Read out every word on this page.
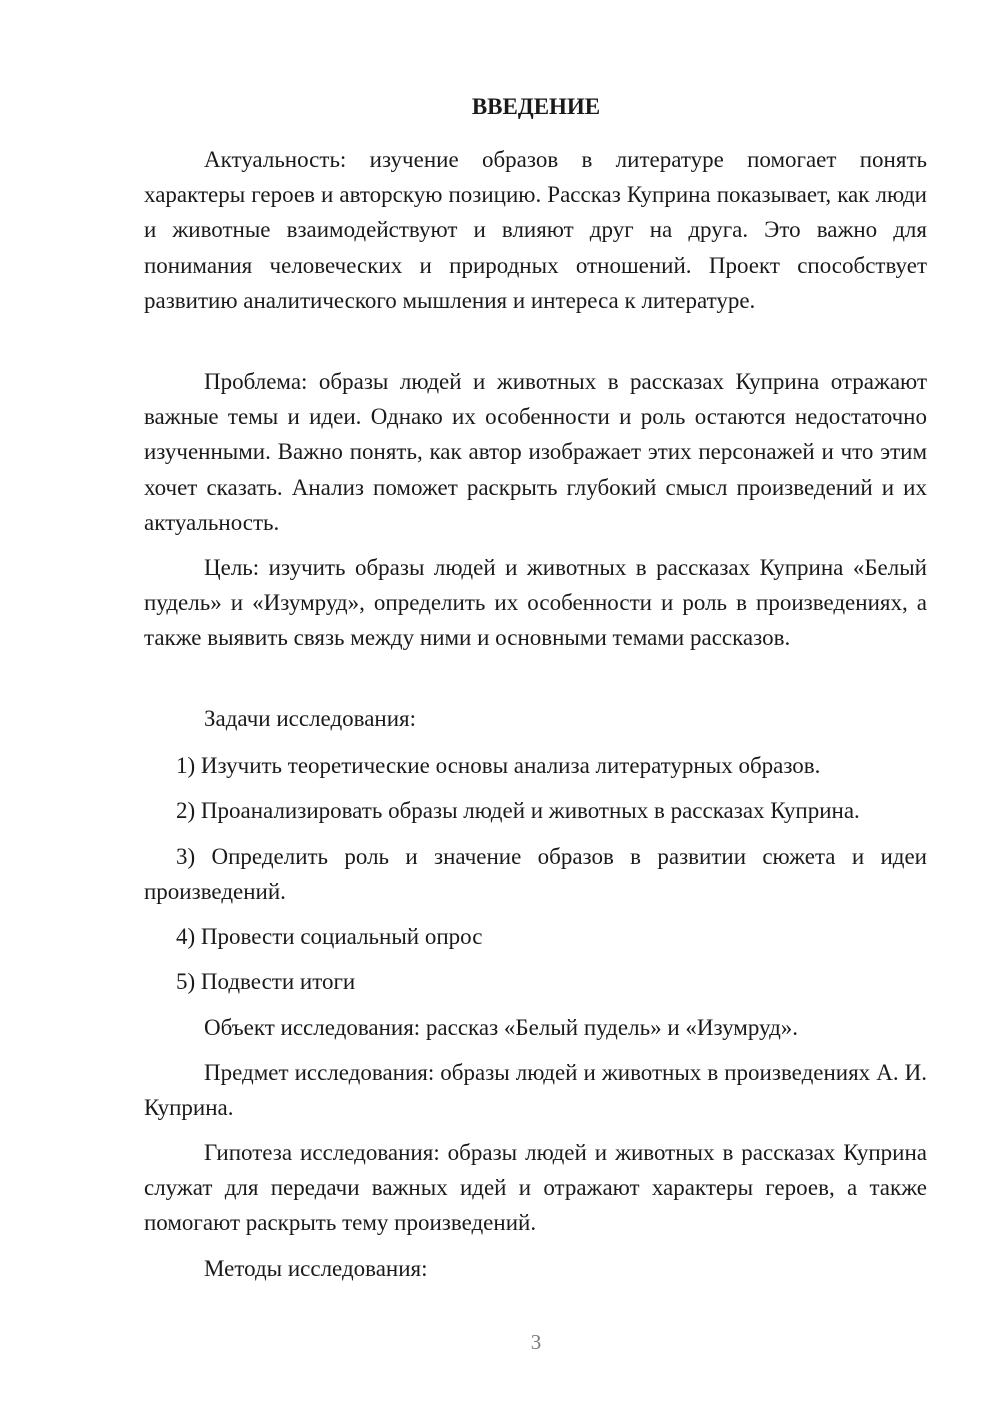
ВВЕДЕНИЕ
Актуальность: изучение образов в литературе помогает понять характеры героев и авторскую позицию. Рассказ Куприна показывает, как люди и животные взаимодействуют и влияют друг на друга. Это важно для понимания человеческих и природных отношений. Проект способствует развитию аналитического мышления и интереса к литературе.
Проблема: образы людей и животных в рассказах Куприна отражают важные темы и идеи. Однако их особенности и роль остаются недостаточно изученными. Важно понять, как автор изображает этих персонажей и что этим хочет сказать. Анализ поможет раскрыть глубокий смысл произведений и их актуальность.
Цель: изучить образы людей и животных в рассказах Куприна «Белый пудель» и «Изумруд», определить их особенности и роль в произведениях, а также выявить связь между ними и основными темами рассказов.
Задачи исследования:
1) Изучить теоретические основы анализа литературных образов.
2) Проанализировать образы людей и животных в рассказах Куприна.
3) Определить роль и значение образов в развитии сюжета и идеи произведений.
4) Провести социальный опрос
5) Подвести итоги
Объект исследования: рассказ «Белый пудель» и «Изумруд».
Предмет исследования: образы людей и животных в произведениях А. И. Куприна.
Гипотеза исследования: образы людей и животных в рассказах Куприна служат для передачи важных идей и отражают характеры героев, а также помогают раскрыть тему произведений.
Методы исследования:
3
